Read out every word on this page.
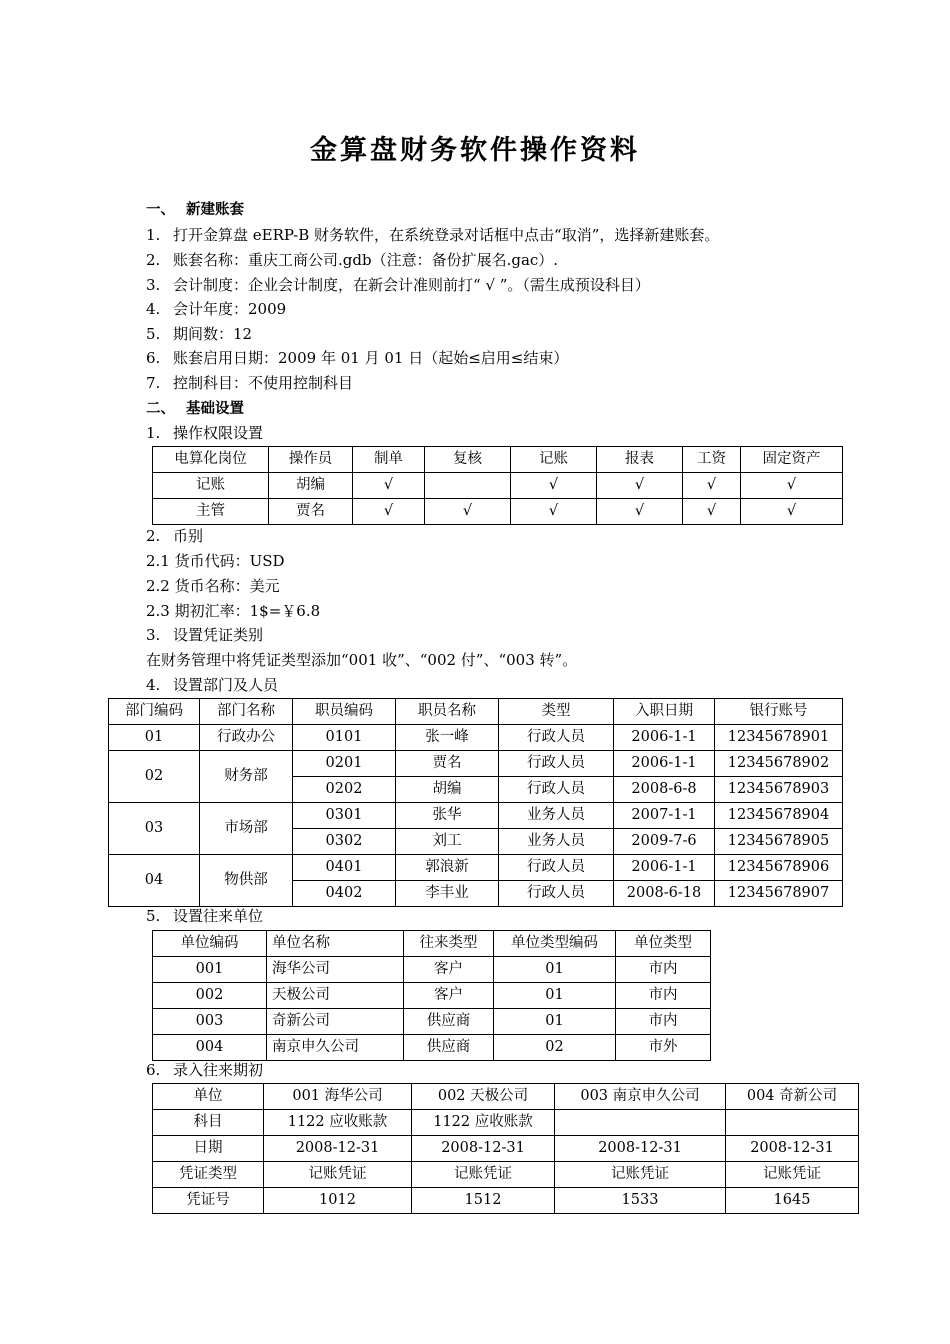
金算盘财务软件操作资料
一、 新建账套
1. 打开金算盘 eERP-B 财务软件，在系统登录对话框中点击“取消”，选择新建账套。
2. 账套名称：重庆工商公司.gdb（注意：备份扩展名.gac）.
3. 会计制度：企业会计制度，在新会计准则前打“ √ ”。（需生成预设科目）
4. 会计年度：2009
5. 期间数：12
6. 账套启用日期：2009 年 01 月 01 日（起始≤启用≤结束）
7. 控制科目：不使用控制科目
二、 基础设置
1. 操作权限设置
电算化岗位	操作员	制单	复核	记账	报表	工资	固定资产
记账	胡编	√		√	√	√	√
主管	贾名	√	√	√	√	√	√
2. 币别
2.1 货币代码：USD
2.2 货币名称：美元
2.3 期初汇率：1$=￥6.8
3. 设置凭证类别
在财务管理中将凭证类型添加“001 收”、“002 付”、“003 转”。
4. 设置部门及人员
部门编码	部门名称	职员编码	职员名称	类型	入职日期	银行账号
01	行政办公	0101	张一峰	行政人员	2006-1-1	12345678901
02	财务部	0201	贾名	行政人员	2006-1-1	12345678902
		0202	胡编	行政人员	2008-6-8	12345678903
03	市场部	0301	张华	业务人员	2007-1-1	12345678904
		0302	刘工	业务人员	2009-7-6	12345678905
04	物供部	0401	郭浪新	行政人员	2006-1-1	12345678906
		0402	李丰业	行政人员	2008-6-18	12345678907
5. 设置往来单位
单位编码	单位名称	往来类型	单位类型编码	单位类型
001	海华公司	客户	01	市内
002	天极公司	客户	01	市内
003	奇新公司	供应商	01	市内
004	南京申久公司	供应商	02	市外
6. 录入往来期初
单位	001 海华公司	002 天极公司	003 南京申久公司	004 奇新公司
科目	1122 应收账款	1122 应收账款		
日期	2008-12-31	2008-12-31	2008-12-31	2008-12-31
凭证类型	记账凭证	记账凭证	记账凭证	记账凭证
凭证号	1012	1512	1533	1645
